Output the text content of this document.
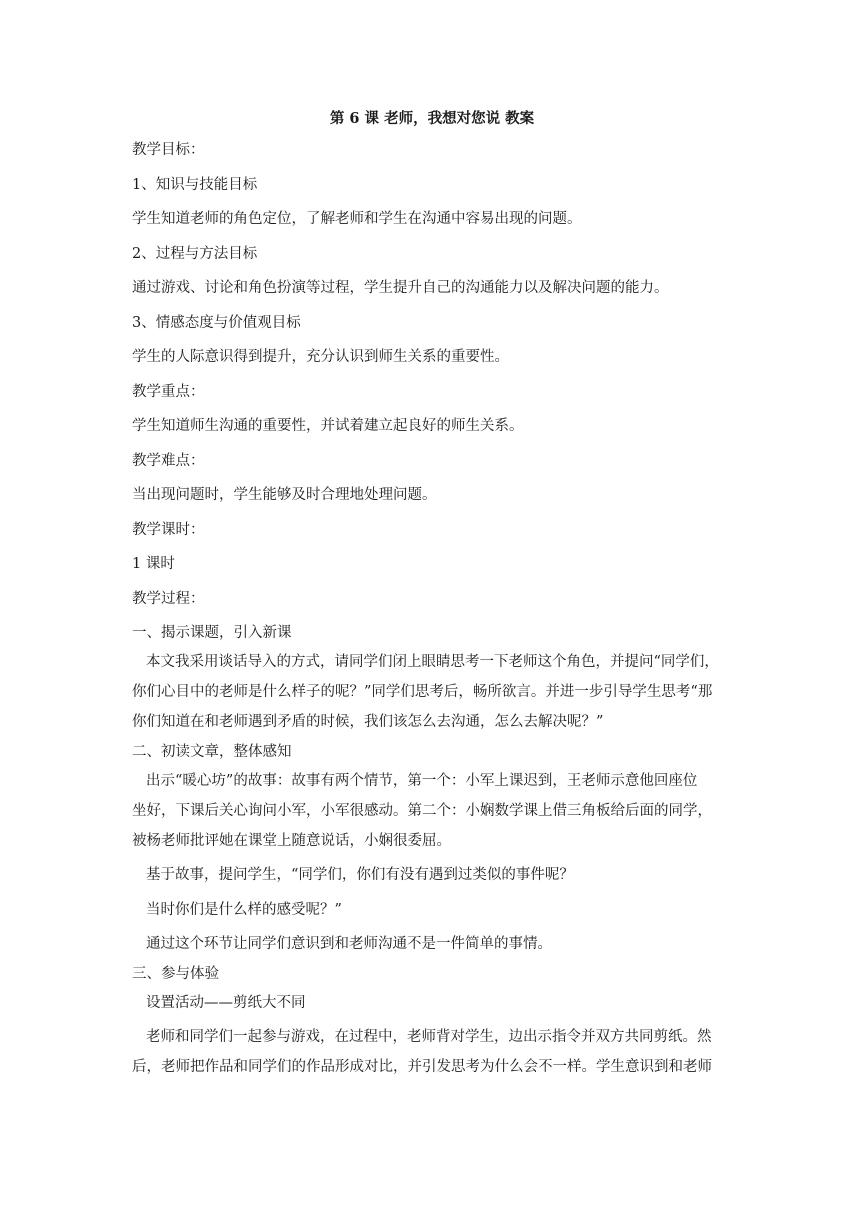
第 6 课 老师，我想对您说 教案
教学目标：
1、知识与技能目标
学生知道老师的角色定位，了解老师和学生在沟通中容易出现的问题。
2、过程与方法目标
通过游戏、讨论和角色扮演等过程，学生提升自己的沟通能力以及解决问题的能力。
3、情感态度与价值观目标
学生的人际意识得到提升，充分认识到师生关系的重要性。
教学重点：
学生知道师生沟通的重要性，并试着建立起良好的师生关系。
教学难点：
当出现问题时，学生能够及时合理地处理问题。
教学课时：
1 课时
教学过程：
一、揭示课题，引入新课
本文我采用谈话导入的方式，请同学们闭上眼睛思考一下老师这个角色，并提问“同学们，
你们心目中的老师是什么样子的呢？”同学们思考后，畅所欲言。并进一步引导学生思考“那
你们知道在和老师遇到矛盾的时候，我们该怎么去沟通，怎么去解决呢？”
二、初读文章，整体感知
出示“暖心坊”的故事：故事有两个情节，第一个：小军上课迟到，王老师示意他回座位
坐好，下课后关心询问小军，小军很感动。第二个：小娴数学课上借三角板给后面的同学，
被杨老师批评她在课堂上随意说话，小娴很委屈。
基于故事，提问学生，“同学们，你们有没有遇到过类似的事件呢？
当时你们是什么样的感受呢？”
通过这个环节让同学们意识到和老师沟通不是一件简单的事情。
三、参与体验
设置活动——剪纸大不同
老师和同学们一起参与游戏，在过程中，老师背对学生，边出示指令并双方共同剪纸。然
后，老师把作品和同学们的作品形成对比，并引发思考为什么会不一样。学生意识到和老师
